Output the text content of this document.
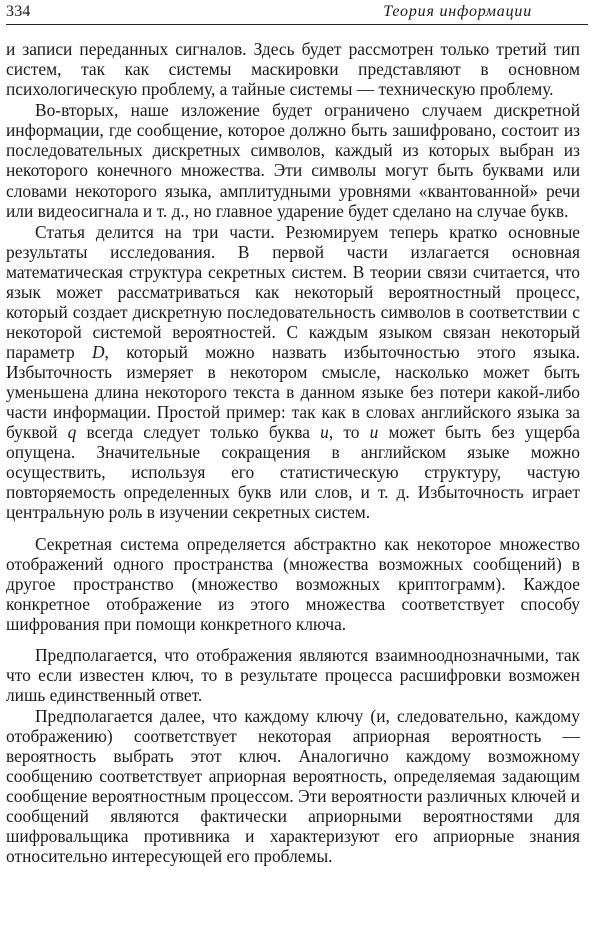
334	Теория информации

и записи переданных сигналов. Здесь будет рассмотрен только третий тип систем, так как системы маскировки представляют в основном психологическую проблему, а тайные системы — техническую проблему.

Во-вторых, наше изложение будет ограничено случаем дискретной информации, где сообщение, которое должно быть зашифровано, состоит из последовательных дискретных символов, каждый из которых выбран из некоторого конечного множества. Эти символы могут быть буквами или словами некоторого языка, амплитудными уровнями «квантованной» речи или видеосигнала и т. д., но главное ударение будет сделано на случае букв.

Статья делится на три части. Резюмируем теперь кратко основные результаты исследования. В первой части излагается основная математическая структура секретных систем. В теории связи считается, что язык может рассматриваться как некоторый вероятностный процесс, который создает дискретную последовательность символов в соответствии с некоторой системой вероятностей. С каждым языком связан некоторый параметр D, который можно назвать избыточностью этого языка. Избыточность измеряет в некотором смысле, насколько может быть уменьшена длина некоторого текста в данном языке без потери какой-либо части информации. Простой пример: так как в словах английского языка за буквой q всегда следует только буква u, то u может быть без ущерба опущена. Значительные сокращения в английском языке можно осуществить, используя его статистическую структуру, частую повторяемость определенных букв или слов, и т. д. Избыточность играет центральную роль в изучении секретных систем.

Секретная система определяется абстрактно как некоторое множество отображений одного пространства (множества возможных сообщений) в другое пространство (множество возможных криптограмм). Каждое конкретное отображение из этого множества соответствует способу шифрования при помощи конкретного ключа.

Предполагается, что отображения являются взаимнооднозначными, так что если известен ключ, то в результате процесса расшифровки возможен лишь единственный ответ.

Предполагается далее, что каждому ключу (и, следовательно, каждому отображению) соответствует некоторая априорная вероятность — вероятность выбрать этот ключ. Аналогично каждому возможному сообщению соответствует априорная вероятность, определяемая задающим сообщение вероятностным процессом. Эти вероятности различных ключей и сообщений являются фактически априорными вероятностями для шифровальщика противника и характеризуют его априорные знания относительно интересующей его проблемы.
